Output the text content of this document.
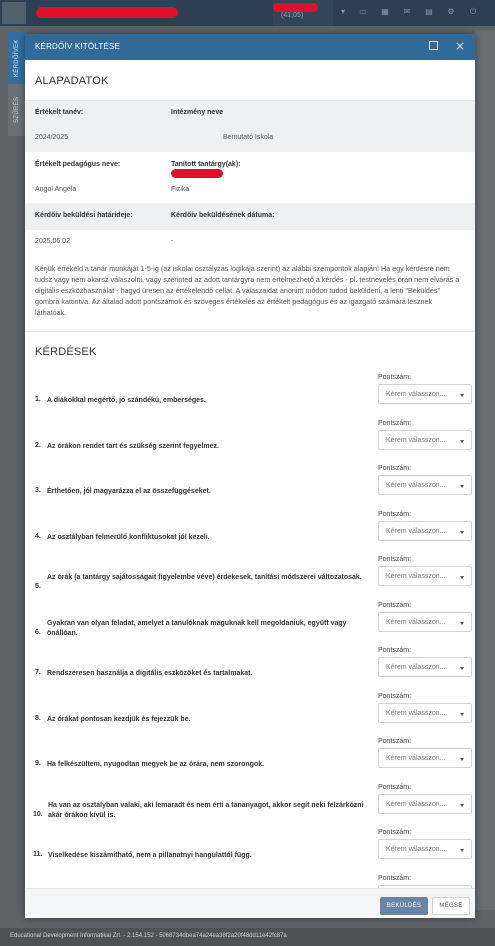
(41,05)	▾	▭	▦	✉	▤	⚙	⏻
KÉRDŐÍVEK
SZŰRÉS
Educational Development Informatikai Zrt. - 2.154.152 - 5068734dbea74a24ea38f2a20f48dd11e42fc87a
KÉRDŐÍV KITÖLTÉSE	×
ALAPADATOK
Értékelt tanév:	Intézmény neve
2024/2025	Bemutató Iskola
Értékelt pedagógus neve:	Tanított tantárgy(ak):
Angol Angéla	Fizika
Kérdőív beküldési határideje:	Kérdőív beküldésének dátuma:
2025.06.02	-
Kérjük értékeld a tanár munkáját 1-5-ig (az iskolai osztályzás logikája szerint) az alábbi szempontok alapján! Ha egy kérdésre nem tudsz vagy nem akarsz válaszolni, vagy szerinted az adott tantárgyra nem értelmezhető a kérdés - pl. testnevelés órán nem elvárás a digitális eszközhasználat - hagyd üresen az értékelendő cellát. A válaszaidat anonim módon tudod beküldeni, a lenti "Beküldés" gombra kattintva. Az általad adott pontszámok és szöveges értékelés az értékelt pedagógus és az igazgató számára lesznek láthatóak.
KÉRDÉSEK
1. A diákokkal megértő, jó szándékú, emberséges.
Pontszám:
Kérem válasszon...
2. Az órákon rendet tart és szükség szerint fegyelmez.
Pontszám:
Kérem válasszon...
3. Érthetően, jól magyarázza el az összefüggéseket.
Pontszám:
Kérem válasszon...
4. Az osztályban felmerülő konfliktusokat jól kezeli.
Pontszám:
Kérem válasszon...
5.
Az órák (a tantárgy sajátosságait figyelembe véve) érdekesek, tanítási módszerei változatosak.
Pontszám:
Kérem válasszon...
6.
Gyakran van olyan feladat, amelyet a tanulóknak maguknak kell megoldaniuk, együtt vagy önállóan.
Pontszám:
Kérem válasszon...
7. Rendszeresen használja a digitális eszközöket és tartalmakat.
Pontszám:
Kérem válasszon...
8. Az órákat pontosan kezdjük és fejezzük be.
Pontszám:
Kérem válasszon...
9. Ha felkészültem, nyugodtan megyek be az órára, nem szorongok.
Pontszám:
Kérem válasszon...
10.
Ha van az osztályban valaki, aki lemaradt és nem érti a tananyagot, akkor segít neki felzárkózni akár órákon kívül is.
Pontszám:
Kérem válasszon...
11. Viselkedése kiszámítható, nem a pillanatnyi hangulattól függ.
Pontszám:
Kérem válasszon...
Pontszám:
BEKÜLDÉS	MÉGSE
